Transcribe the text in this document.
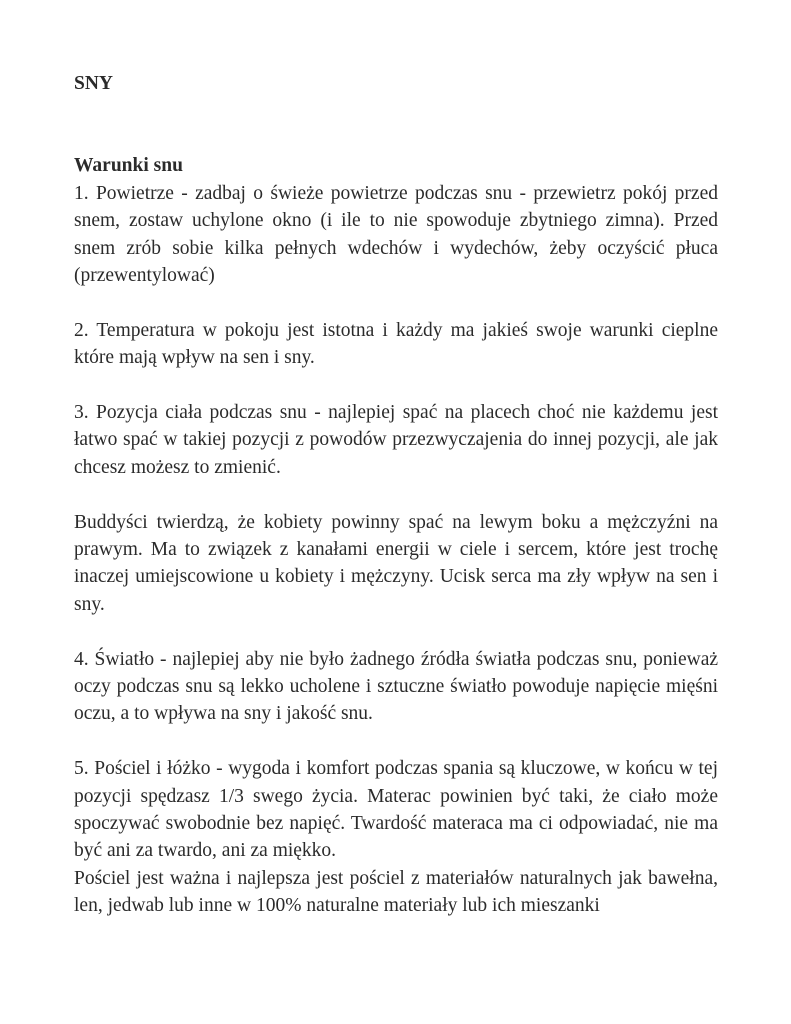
SNY

Warunki snu

1. Powietrze - zadbaj o świeże powietrze podczas snu - przewietrz pokój przed snem, zostaw uchylone okno (i ile to nie spowoduje zbytniego zimna). Przed snem zrób sobie kilka pełnych wdechów i wydechów, żeby oczyścić płuca (przewentylować)

2. Temperatura w pokoju jest istotna i każdy ma jakieś swoje warunki cieplne które mają wpływ na sen i sny.

3. Pozycja ciała podczas snu - najlepiej spać na placech choć nie każdemu jest łatwo spać w takiej pozycji z powodów przezwyczajenia do innej pozycji, ale jak chcesz możesz to zmienić.

Buddyści twierdzą, że kobiety powinny spać na lewym boku a mężczyźni na prawym. Ma to związek z kanałami energii w ciele i sercem, które jest trochę inaczej umiejscowione u kobiety i mężczyny. Ucisk serca ma zły wpływ na sen i sny.

4. Światło - najlepiej aby nie było żadnego źródła światła podczas snu, ponieważ oczy podczas snu są lekko ucholene i sztuczne światło powoduje napięcie mięśni oczu, a to wpływa na sny i jakość snu.

5. Pościel i łóżko - wygoda i komfort podczas spania są kluczowe, w końcu w tej pozycji spędzasz 1/3 swego życia. Materac powinien być taki, że ciało może spoczywać swobodnie bez napięć. Twardość materaca ma ci odpowiadać, nie ma być ani za twardo, ani za miękko.

Pościel jest ważna i najlepsza jest pościel z materiałów naturalnych jak bawełna, len, jedwab lub inne w 100% naturalne materiały lub ich mieszanki
